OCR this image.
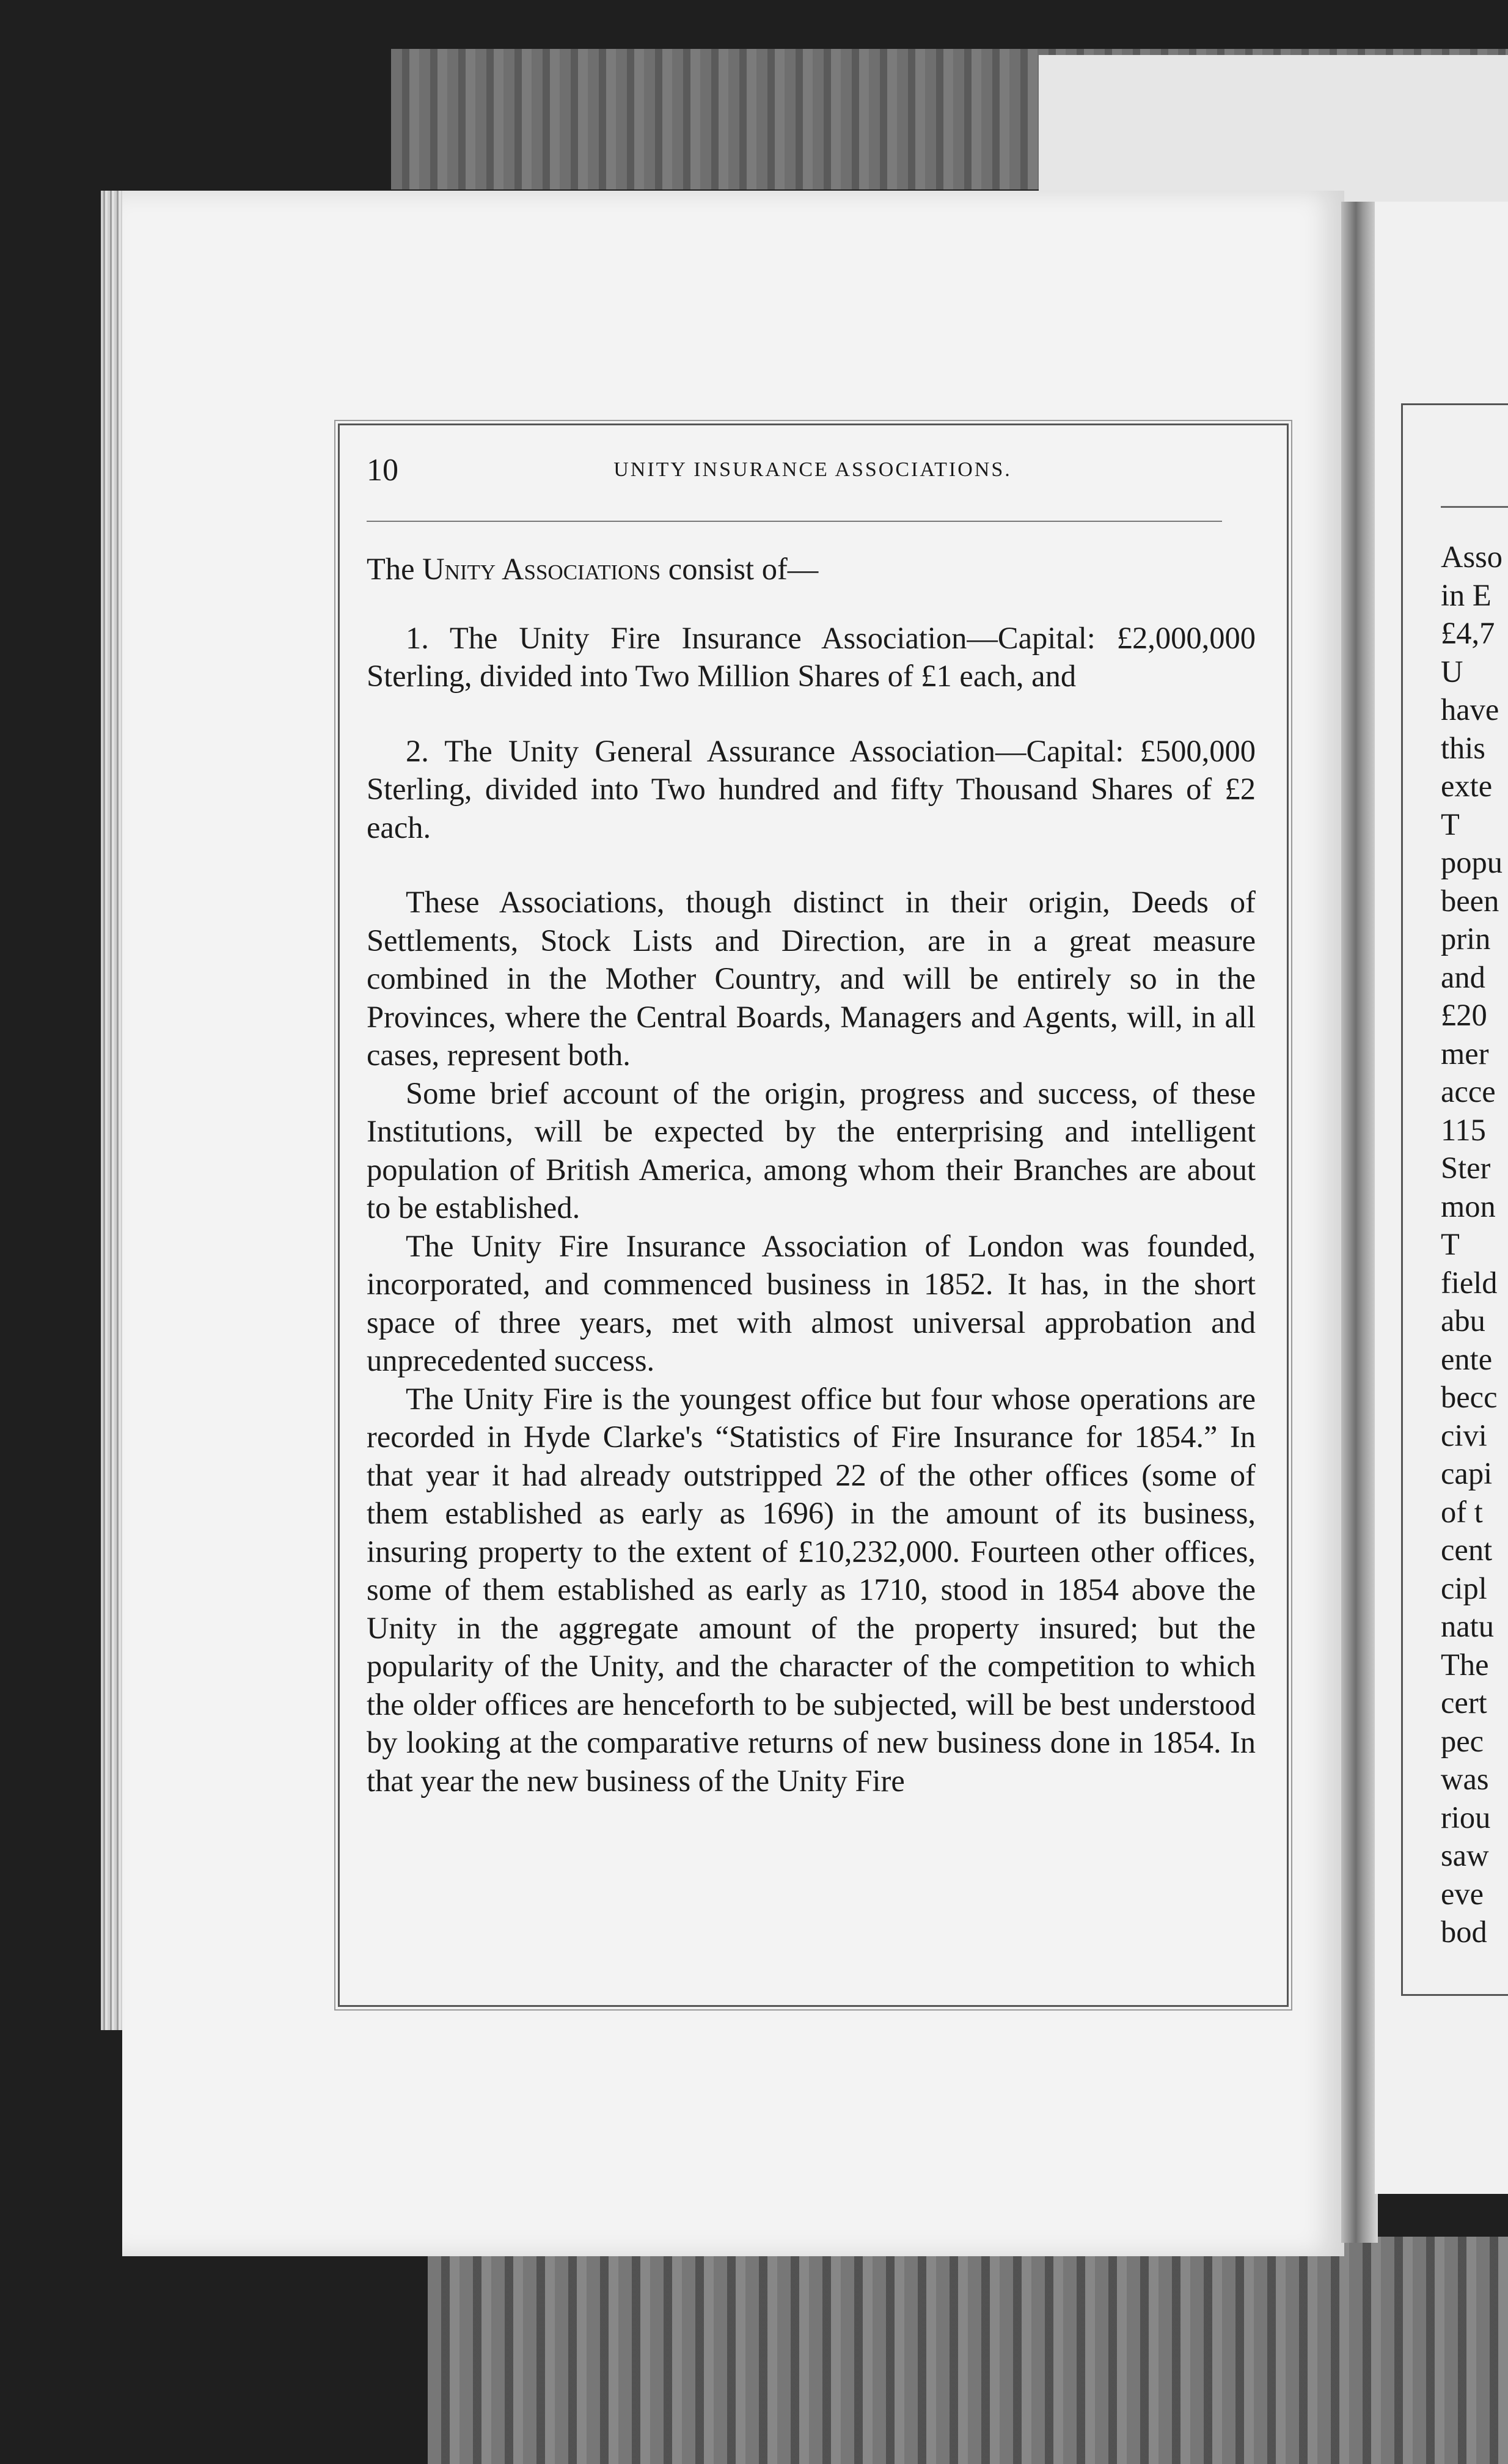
10	UNITY INSURANCE ASSOCIATIONS.

The Unity Associations consist of—

1. The Unity Fire Insurance Association—Capital: £2,000,000 Sterling, divided into Two Million Shares of £1 each, and

2. The Unity General Assurance Association—Capital: £500,000 Sterling, divided into Two hundred and fifty Thousand Shares of £2 each.

These Associations, though distinct in their origin, Deeds of Settlements, Stock Lists and Direction, are in a great measure combined in the Mother Country, and will be entirely so in the Provinces, where the Central Boards, Managers and Agents, will, in all cases, represent both.

Some brief account of the origin, progress and success, of these Institutions, will be expected by the enterprising and intelligent population of British America, among whom their Branches are about to be established.

The Unity Fire Insurance Association of London was founded, incorporated, and commenced business in 1852. It has, in the short space of three years, met with almost universal approbation and unprecedented success.

The Unity Fire is the youngest office but four whose operations are recorded in Hyde Clarke's “Statistics of Fire Insurance for 1854.” In that year it had already outstripped 22 of the other offices (some of them established as early as 1696) in the amount of its business, insuring property to the extent of £10,232,000. Fourteen other offices, some of them established as early as 1710, stood in 1854 above the Unity in the aggregate amount of the property insured; but the popularity of the Unity, and the character of the competition to which the older offices are henceforth to be subjected, will be best understood by looking at the comparative returns of new business done in 1854. In that year the new business of the Unity Fire

Asso
in E
£4,7
U
have
this
exte
T
popu
been
prin
and
£20
mer
acce
115
Ster
mon
T
field
abu
ente
becc
civi
capi
of t
cent
cipl
natu
The
cert
pec
was
riou
saw
eve
bod
